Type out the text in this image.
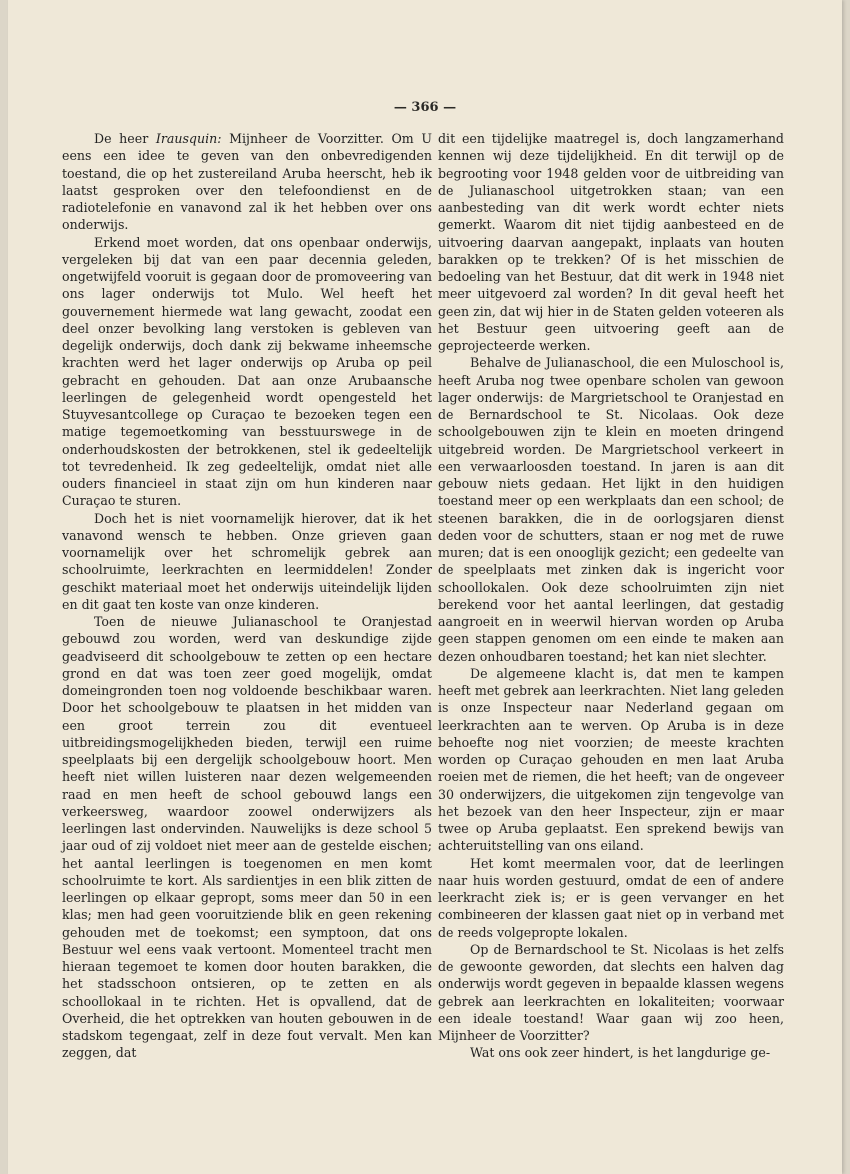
— 366 —

De heer Irausquin: Mijnheer de Voorzitter. Om U eens een idee te geven van den onbevredigenden toestand, die op het zustereiland Aruba heerscht, heb ik laatst gesproken over den telefoondienst en de radiotelefonie en vanavond zal ik het hebben over ons onderwijs.

Erkend moet worden, dat ons openbaar onderwijs, vergeleken bij dat van een paar decennia geleden, ongetwijfeld vooruit is gegaan door de promoveering van ons lager onderwijs tot Mulo. Wel heeft het gouvernement hiermede wat lang gewacht, zoodat een deel onzer bevolking lang verstoken is gebleven van degelijk onderwijs, doch dank zij bekwame inheemsche krachten werd het lager onderwijs op Aruba op peil gebracht en gehouden. Dat aan onze Arubaansche leerlingen de gelegenheid wordt opengesteld het Stuyvesantcollege op Curaçao te bezoeken tegen een matige tegemoetkoming van besstuurswege in de onderhoudskosten der betrokkenen, stel ik gedeeltelijk tot tevredenheid. Ik zeg gedeeltelijk, omdat niet alle ouders financieel in staat zijn om hun kinderen naar Curaçao te sturen.

Doch het is niet voornamelijk hierover, dat ik het vanavond wensch te hebben. Onze grieven gaan voornamelijk over het schromelijk gebrek aan schoolruimte, leerkrachten en leermiddelen! Zonder geschikt materiaal moet het onderwijs uiteindelijk lijden en dit gaat ten koste van onze kinderen.

Toen de nieuwe Julianaschool te Oranjestad gebouwd zou worden, werd van deskundige zijde geadviseerd dit schoolgebouw te zetten op een hectare grond en dat was toen zeer goed mogelijk, omdat domeingronden toen nog voldoende beschikbaar waren. Door het schoolgebouw te plaatsen in het midden van een groot terrein zou dit eventueel uitbreidingsmogelijkheden bieden, terwijl een ruime speelplaats bij een dergelijk schoolgebouw hoort. Men heeft niet willen luisteren naar dezen welgemeenden raad en men heeft de school gebouwd langs een verkeersweg, waardoor zoowel onderwijzers als leerlingen last ondervinden. Nauwelijks is deze school 5 jaar oud of zij voldoet niet meer aan de gestelde eischen; het aantal leerlingen is toegenomen en men komt schoolruimte te kort. Als sardientjes in een blik zitten de leerlingen op elkaar gepropt, soms meer dan 50 in een klas; men had geen vooruitziende blik en geen rekening gehouden met de toekomst; een symptoon, dat ons Bestuur wel eens vaak vertoont. Momenteel tracht men hieraan tegemoet te komen door houten barakken, die het stadsschoon ontsieren, op te zetten en als schoollokaal in te richten. Het is opvallend, dat de Overheid, die het optrekken van houten gebouwen in de stadskom tegengaat, zelf in deze fout vervalt. Men kan zeggen, dat

dit een tijdelijke maatregel is, doch langzamerhand kennen wij deze tijdelijkheid. En dit terwijl op de begrooting voor 1948 gelden voor de uitbreiding van de Julianaschool uitgetrokken staan; van een aanbesteding van dit werk wordt echter niets gemerkt. Waarom dit niet tijdig aanbesteed en de uitvoering daarvan aangepakt, inplaats van houten barakken op te trekken? Of is het misschien de bedoeling van het Bestuur, dat dit werk in 1948 niet meer uitgevoerd zal worden? In dit geval heeft het geen zin, dat wij hier in de Staten gelden voteeren als het Bestuur geen uitvoering geeft aan de geprojecteerde werken.

Behalve de Julianaschool, die een Muloschool is, heeft Aruba nog twee openbare scholen van gewoon lager onderwijs: de Margrietschool te Oranjestad en de Bernardschool te St. Nicolaas. Ook deze schoolgebouwen zijn te klein en moeten dringend uitgebreid worden. De Margrietschool verkeert in een verwaarloosden toestand. In jaren is aan dit gebouw niets gedaan. Het lijkt in den huidigen toestand meer op een werkplaats dan een school; de steenen barakken, die in de oorlogsjaren dienst deden voor de schutters, staan er nog met de ruwe muren; dat is een onooglijk gezicht; een gedeelte van de speelplaats met zinken dak is ingericht voor schoollokalen. Ook deze schoolruimten zijn niet berekend voor het aantal leerlingen, dat gestadig aangroeit en in weerwil hiervan worden op Aruba geen stappen genomen om een einde te maken aan dezen onhoudbaren toestand; het kan niet slechter.

De algemeene klacht is, dat men te kampen heeft met gebrek aan leerkrachten. Niet lang geleden is onze Inspecteur naar Nederland gegaan om leerkrachten aan te werven. Op Aruba is in deze behoefte nog niet voorzien; de meeste krachten worden op Curaçao gehouden en men laat Aruba roeien met de riemen, die het heeft; van de ongeveer 30 onderwijzers, die uitgekomen zijn tengevolge van het bezoek van den heer Inspecteur, zijn er maar twee op Aruba geplaatst. Een sprekend bewijs van achteruitstelling van ons eiland.

Het komt meermalen voor, dat de leerlingen naar huis worden gestuurd, omdat de een of andere leerkracht ziek is; er is geen vervanger en het combineeren der klassen gaat niet op in verband met de reeds volgepropte lokalen.

Op de Bernardschool te St. Nicolaas is het zelfs de gewoonte geworden, dat slechts een halven dag onderwijs wordt gegeven in bepaalde klassen wegens gebrek aan leerkrachten en lokaliteiten; voorwaar een ideale toestand! Waar gaan wij zoo heen, Mijnheer de Voorzitter?

Wat ons ook zeer hindert, is het langdurige ge-
